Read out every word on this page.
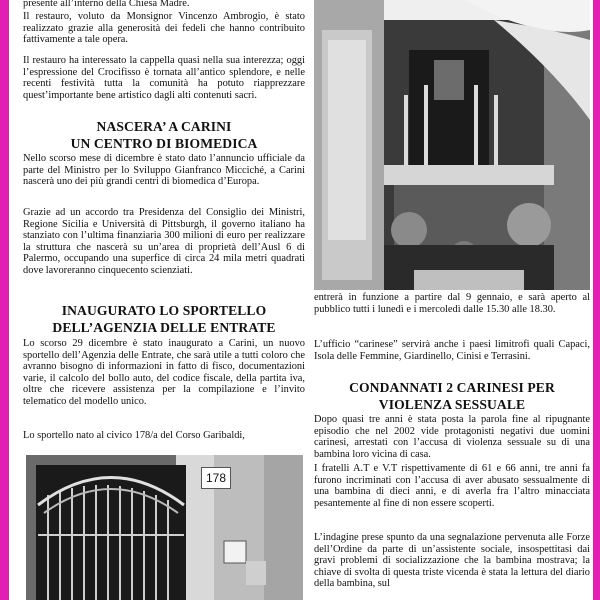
presente all’interno della Chiesa Madre.

Il restauro, voluto da Monsignor Vincenzo Ambrogio, è stato realizzato grazie alla generosità dei fedeli che hanno contribuito fattivamente a tale opera.

Il restauro ha interessato la cappella quasi nella sua interezza; oggi l’espressione del Crocifisso è tornata all’antico splendore, e nelle recenti festività tutta la comunità ha potuto riapprezzare quest’importante bene artistico dagli alti contenuti sacri.

NASCERA’ A CARINI
UN CENTRO DI BIOMEDICA

Nello scorso mese di dicembre è stato dato l’annuncio ufficiale da parte del Ministro per lo Sviluppo Gianfranco Micciché, a Carini nascerà uno dei più grandi centri di biomedica d’Europa.

Grazie ad un accordo tra Presidenza del Consiglio dei Ministri, Regione Sicilia e Università di Pittsburgh, il governo italiano ha stanziato con l’ultima finanziaria 300 milioni di euro per realizzare la struttura che nascerà su un’area di proprietà dell’Ausl 6 di Palermo, occupando una superfice di circa 24 mila metri quadrati dove lavoreranno cinquecento scienziati.

INAUGURATO LO SPORTELLO
DELL’AGENZIA DELLE ENTRATE

Lo scorso 29 dicembre è stato inaugurato a Carini, un nuovo sportello dell’Agenzia delle Entrate, che sarà utile a tutti coloro che avranno bisogno di informazioni in fatto di fisco, documentazioni varie, il calcolo del bollo auto, del codice fiscale, della partita iva, oltre che ricevere assistenza per la compilazione e l’invito telematico del modello unico.

Lo sportello nato al civico 178/a del Corso Garibaldi,

178

entrerà in funzione a partire dal 9 gennaio, e sarà aperto al pubblico tutti i lunedì e i mercoledì dalle 15.30 alle 18.30.

L’ufficio “carinese” servirà anche i paesi limitrofi quali Capaci, Isola delle Femmine, Giardinello, Cinisi e Terrasini.

CONDANNATI 2 CARINESI PER
VIOLENZA SESSUALE

Dopo quasi tre anni è stata posta la parola fine al ripugnante episodio che nel 2002 vide protagonisti negativi due uomini carinesi, arrestati con l’accusa di violenza sessuale su di una bambina loro vicina di casa.

I fratelli A.T e V.T rispettivamente di 61 e 66 anni, tre anni fa furono incriminati con l’accusa di aver abusato sessualmente di una bambina di dieci anni, e di averla fra l’altro minacciata pesantemente al fine di non essere scoperti.

L’indagine prese spunto da una segnalazione pervenuta alle Forze dell’Ordine da parte di un’assistente sociale, insospettitasi dai gravi problemi di socializzazione che la bambina mostrava; la chiave di svolta di questa triste vicenda è stata la lettura del diario della bambina, sul
